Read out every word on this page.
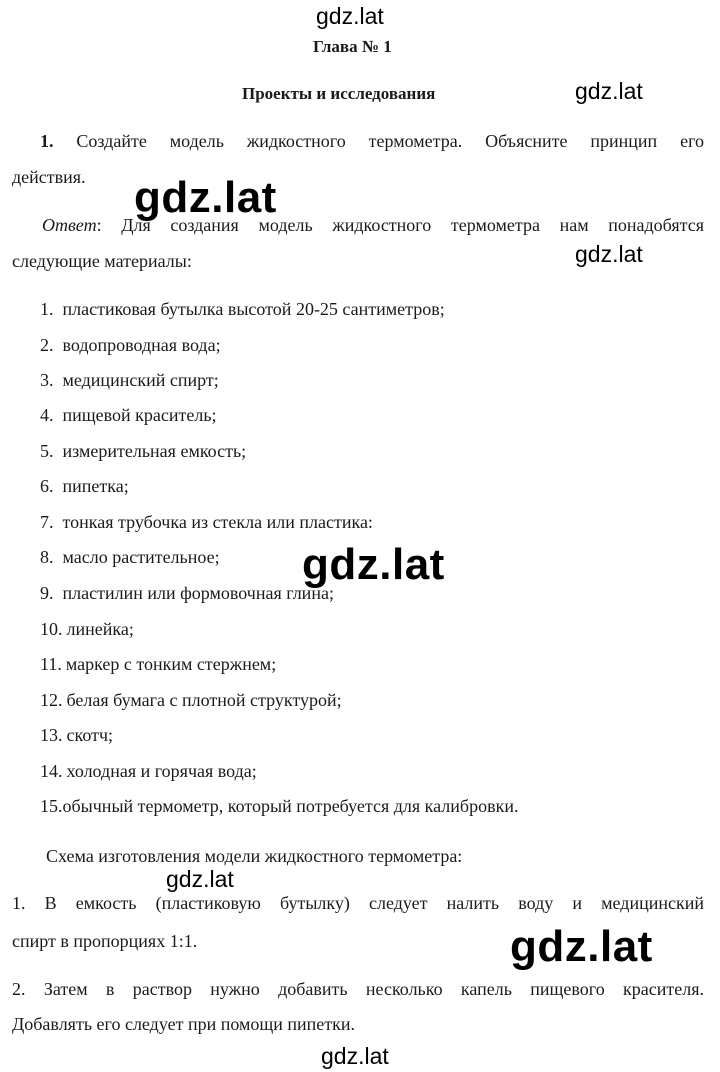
Глава № 1
Проекты и исследования
1. Создайте модель жидкостного термометра. Объясните принцип его
действия.
Ответ: Для создания модель жидкостного термометра нам понадобятся
следующие материалы:
1. пластиковая бутылка высотой 20-25 сантиметров;
2. водопроводная вода;
3. медицинский спирт;
4. пищевой краситель;
5. измерительная емкость;
6. пипетка;
7. тонкая трубочка из стекла или пластика:
8. масло растительное;
9. пластилин или формовочная глина;
10. линейка;
11. маркер с тонким стержнем;
12. белая бумага с плотной структурой;
13. скотч;
14. холодная и горячая вода;
15.обычный термометр, который потребуется для калибровки.
Схема изготовления модели жидкостного термометра:
1. В емкость (пластиковую бутылку) следует налить воду и медицинский
спирт в пропорциях 1:1.
2. Затем в раствор нужно добавить несколько капель пищевого красителя.
Добавлять его следует при помощи пипетки.
gdz.lat
gdz.lat
gdz.lat
gdz.lat
gdz.lat
gdz.lat
gdz.lat
gdz.lat
